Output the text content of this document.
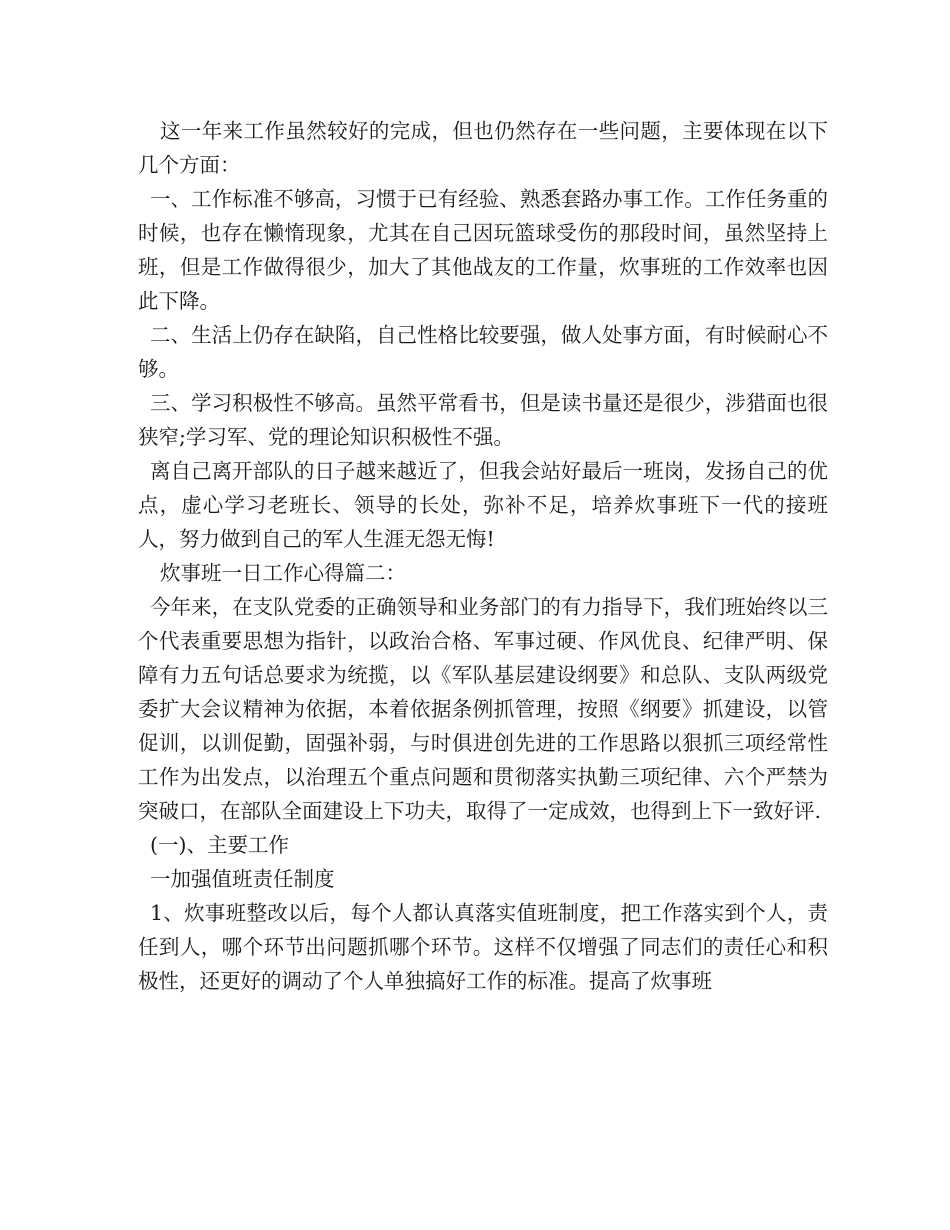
这一年来工作虽然较好的完成，但也仍然存在一些问题，主要体现在以下几个方面：

一、工作标准不够高，习惯于已有经验、熟悉套路办事工作。工作任务重的时候，也存在懒惰现象，尤其在自己因玩篮球受伤的那段时间，虽然坚持上班，但是工作做得很少，加大了其他战友的工作量，炊事班的工作效率也因此下降。

二、生活上仍存在缺陷，自己性格比较要强，做人处事方面，有时候耐心不够。

三、学习积极性不够高。虽然平常看书，但是读书量还是很少，涉猎面也很狭窄;学习军、党的理论知识积极性不强。

离自己离开部队的日子越来越近了，但我会站好最后一班岗，发扬自己的优点，虚心学习老班长、领导的长处，弥补不足，培养炊事班下一代的接班人，努力做到自己的军人生涯无怨无悔!

炊事班一日工作心得篇二：

今年来，在支队党委的正确领导和业务部门的有力指导下，我们班始终以三个代表重要思想为指针，以政治合格、军事过硬、作风优良、纪律严明、保障有力五句话总要求为统揽，以《军队基层建设纲要》和总队、支队两级党委扩大会议精神为依据，本着依据条例抓管理，按照《纲要》抓建设，以管促训，以训促勤，固强补弱，与时俱进创先进的工作思路以狠抓三项经常性工作为出发点，以治理五个重点问题和贯彻落实执勤三项纪律、六个严禁为突破口，在部队全面建设上下功夫，取得了一定成效，也得到上下一致好评.

(一)、主要工作

一加强值班责任制度

1、炊事班整改以后，每个人都认真落实值班制度，把工作落实到个人，责任到人，哪个环节出问题抓哪个环节。这样不仅增强了同志们的责任心和积极性，还更好的调动了个人单独搞好工作的标准。提高了炊事班
